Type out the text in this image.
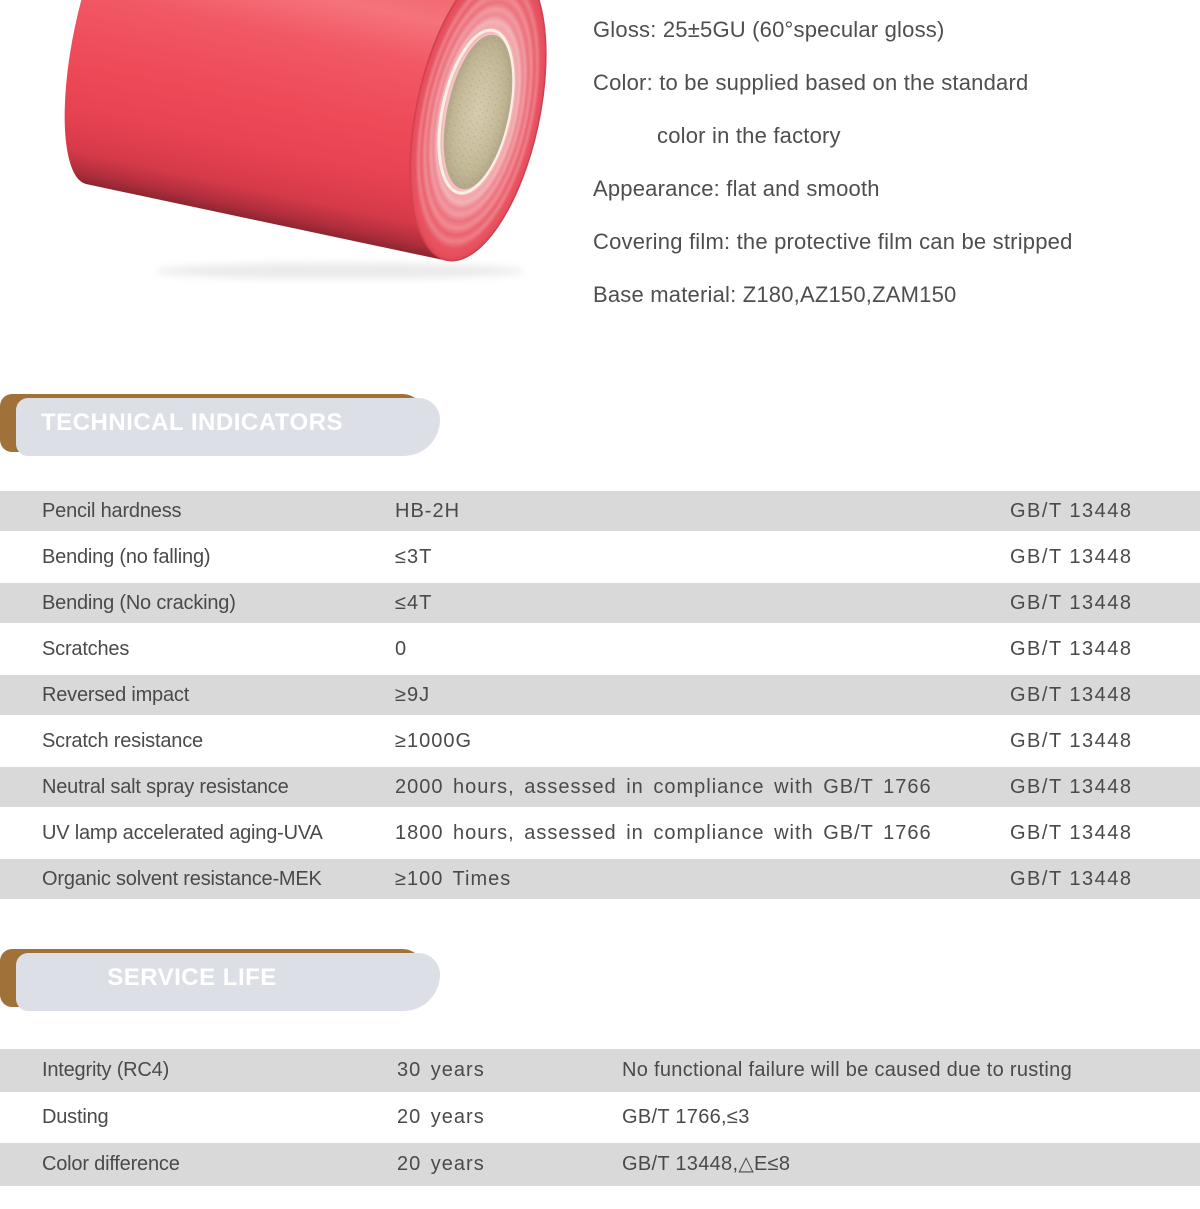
Gloss: 25±5GU (60°specular gloss)
Color: to be supplied based on the standard
color in the factory
Appearance: flat and smooth
Covering film: the protective film can be stripped
Base material: Z180,AZ150,ZAM150
TECHNICAL INDICATORS
Pencil hardness	HB-2H	GB/T 13448
Bending (no falling)	≤3T	GB/T 13448
Bending (No cracking)	≤4T	GB/T 13448
Scratches	0	GB/T 13448
Reversed impact	≥9J	GB/T 13448
Scratch resistance	≥1000G	GB/T 13448
Neutral salt spray resistance	2000 hours, assessed in compliance with GB/T 1766	GB/T 13448
UV lamp accelerated aging-UVA	1800 hours, assessed in compliance with GB/T 1766	GB/T 13448
Organic solvent resistance-MEK	≥100 Times	GB/T 13448
SERVICE LIFE
Integrity (RC4)	30 years	No functional failure will be caused due to rusting
Dusting	20 years	GB/T 1766,≤3
Color difference	20 years	GB/T 13448,△E≤8
